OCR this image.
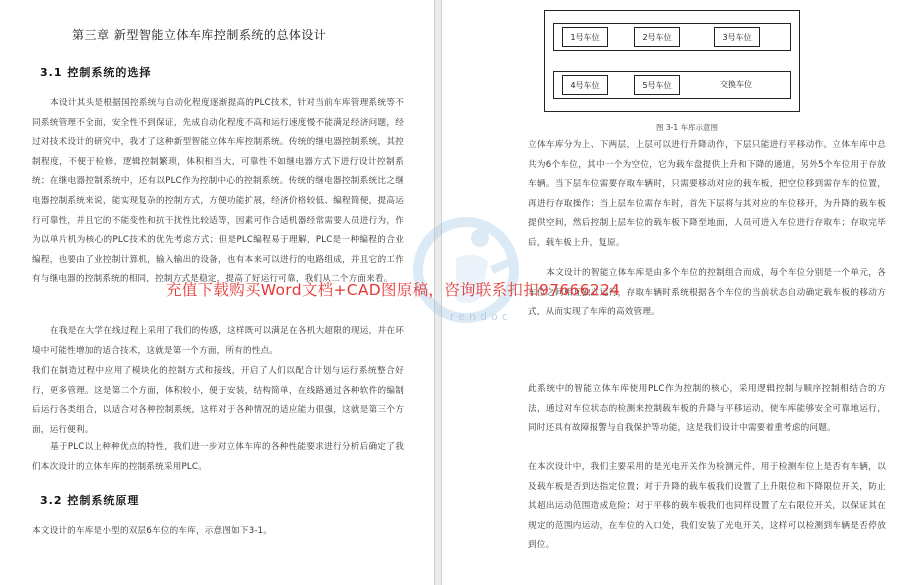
第三章 新型智能立体车库控制系统的总体设计
3.1 控制系统的选择
本设计其头是根据国控系统与自动化程度逐渐提高的PLC技术，针对当前车库管理系统等不同系统管理不全面，安全性不到保证，先成自动化程度不高和运行速度慢不能满足经济问题，经过对技术设计的研究中，我才了这种新型智能立体车库控制系统。传统的继电器控制系统，其控制程度，不便于检修，逻辑控制繁琐，体积相当大，可靠性不如继电器方式下进行设计控制系统；在继电器控制系统中，还有以PLC作为控制中心的控制系统。传统的继电器控制系统比之继电器控制系统来说，能实现复杂的控制方式，方便功能扩展，经济价格较低、编程简便，提高运行可靠性，并且它的不能变性和抗干扰性比较适等，因素可作合适机器经常需要人员进行为，作为以单片机为核心的PLC技术的优先考虑方式；但是PLC编程易于理解，PLC是一种编程的合业编程，也要由了业控制计算机，输入输出的设备，也有本来可以进行的电路组成，并且它的工作有与继电器的控制系统的相同，控制方式是稳定，提高了好运行可靠，我们从二个方面来看。
在我是在大学在线过程上采用了我们的传感，这样既可以满足在各机大超限的现运，并在环境中可能性增加的适合技术，这就是第一个方面，所有的性点。
我们在制造过程中应用了模块化的控制方式和接线，开启了人们以配合计划与运行系统整合好行，更多管理。这是第二个方面，体积较小，便于安装，结构简单，在线路通过各种软件的编制后运行各类组合，以适合对各种控制系统，这样对于各种情况的适应能力很强，这就是第三个方面，运行便利。
基于PLC以上种种优点的特性，我们进一步对立体车库的各种性能要求进行分析后确定了我们本次设计的立体车库的控制系统采用PLC。
3.2 控制系统原理
本文设计的车库是小型的双层6车位的车库，示意图如下3-1。
1号车位	2号车位	3号车位
4号车位	5号车位	交换车位
图 3-1 车库示意图
立体车库分为上、下两层，上层可以进行升降动作，下层只能进行平移动作。立体车库中总共为6个车位，其中一个为空位，它为载车盘提供上升和下降的通道，另外5个车位用于存放车辆。当下层车位需要存取车辆时，只需要移动对应的载车板，把空位移到需存车的位置，再进行存取操作；当上层车位需存车时，首先下层将与其对应的车位移开，为升降的载车板提供空间，然后控制上层车位的载车板下降至地面，人员可进入车位进行存取车；存取完毕后，载车板上升，复原。
本文设计的智能立体车库是由多个车位的控制组合而成，每个车位分别是一个单元，各车位之间相互独立运行，存取车辆时系统根据各个车位的当前状态自动确定载车板的移动方式，从而实现了车库的高效管理。
此系统中的智能立体车库使用PLC作为控制的核心，采用逻辑控制与顺序控制相结合的方法，通过对车位状态的检测来控制载车板的升降与平移运动，使车库能够安全可靠地运行，同时还具有故障报警与自我保护等功能，这是我们设计中需要着重考虑的问题。
在本次设计中，我们主要采用的是光电开关作为检测元件，用于检测车位上是否有车辆，以及载车板是否到达指定位置；对于升降的载车板我们设置了上升限位和下降限位开关，防止其超出运动范围造成危险；对于平移的载车板我们也同样设置了左右限位开关，以保证其在规定的范围内运动，在车位的入口处，我们安装了光电开关，这样可以检测到车辆是否停放到位。
rendoc
充值下载购买Word文档+CAD图原稿，咨询联系扣扣97666224
